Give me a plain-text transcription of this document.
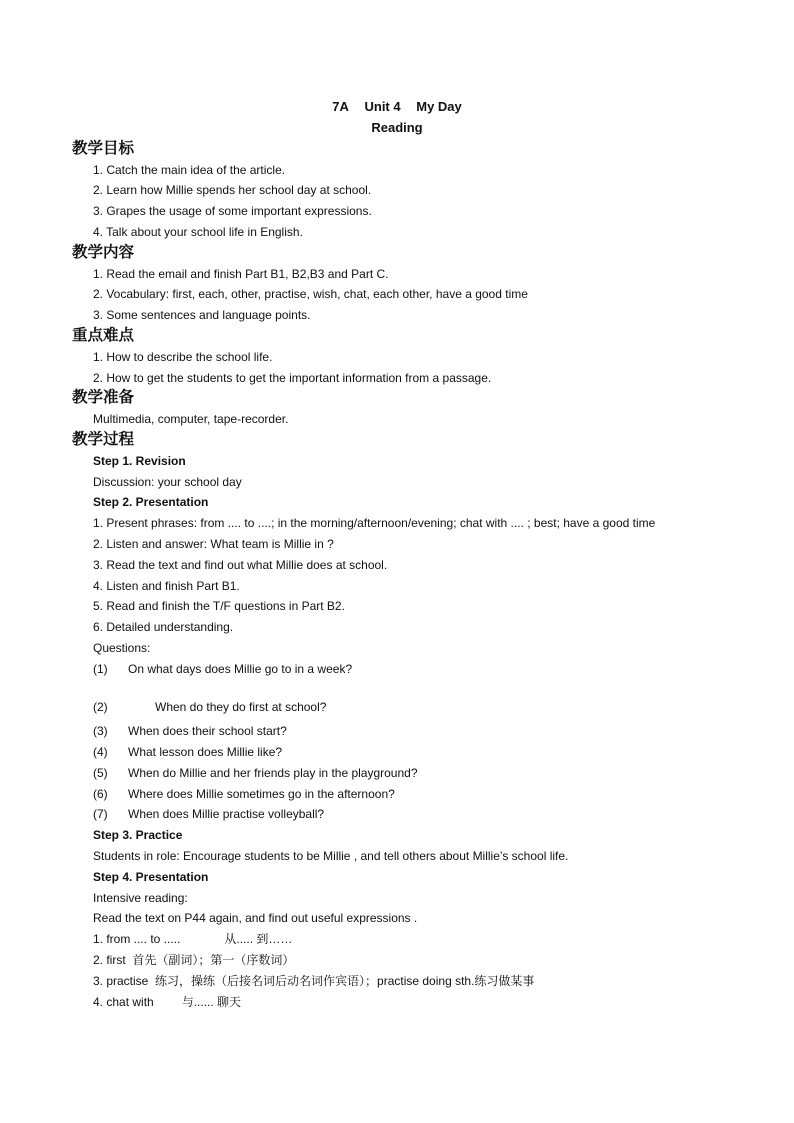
7A Unit 4 My Day
Reading
教学目标
1. Catch the main idea of the article.
2. Learn how Millie spends her school day at school.
3. Grapes the usage of some important expressions.
4. Talk about your school life in English.
教学内容
1. Read the email and finish Part B1, B2,B3 and Part C.
2. Vocabulary: first, each, other, practise, wish, chat, each other, have a good time
3. Some sentences and language points.
重点难点
1. How to describe the school life.
2. How to get the students to get the important information from a passage.
教学准备
Multimedia, computer, tape-recorder.
教学过程
Step 1. Revision
Discussion: your school day
Step 2. Presentation
1. Present phrases: from .... to ....; in the morning/afternoon/evening; chat with .... ; best; have a good time
2. Listen and answer: What team is Millie in ?
3. Read the text and find out what Millie does at school.
4. Listen and finish Part B1.
5. Read and finish the T/F questions in Part B2.
6. Detailed understanding.
Questions:
(1) On what days does Millie go to in a week?
(2)	When do they do first at school?
(3) When does their school start?
(4) What lesson does Millie like?
(5) When do Millie and her friends play in the playground?
(6) Where does Millie sometimes go in the afternoon?
(7) When does Millie practise volleyball?
Step 3. Practice
Students in role: Encourage students to be Millie , and tell others about Millie’s school life.
Step 4. Presentation
Intensive reading:
Read the text on P44 again, and find out useful expressions .
1. from .... to .....	从..... 到……
2. first 首先（副词）；第一（序数词）
3. practise 练习，操练（后接名词后动名词作宾语）；practise doing sth.练习做某事
4. chat with 与...... 聊天
